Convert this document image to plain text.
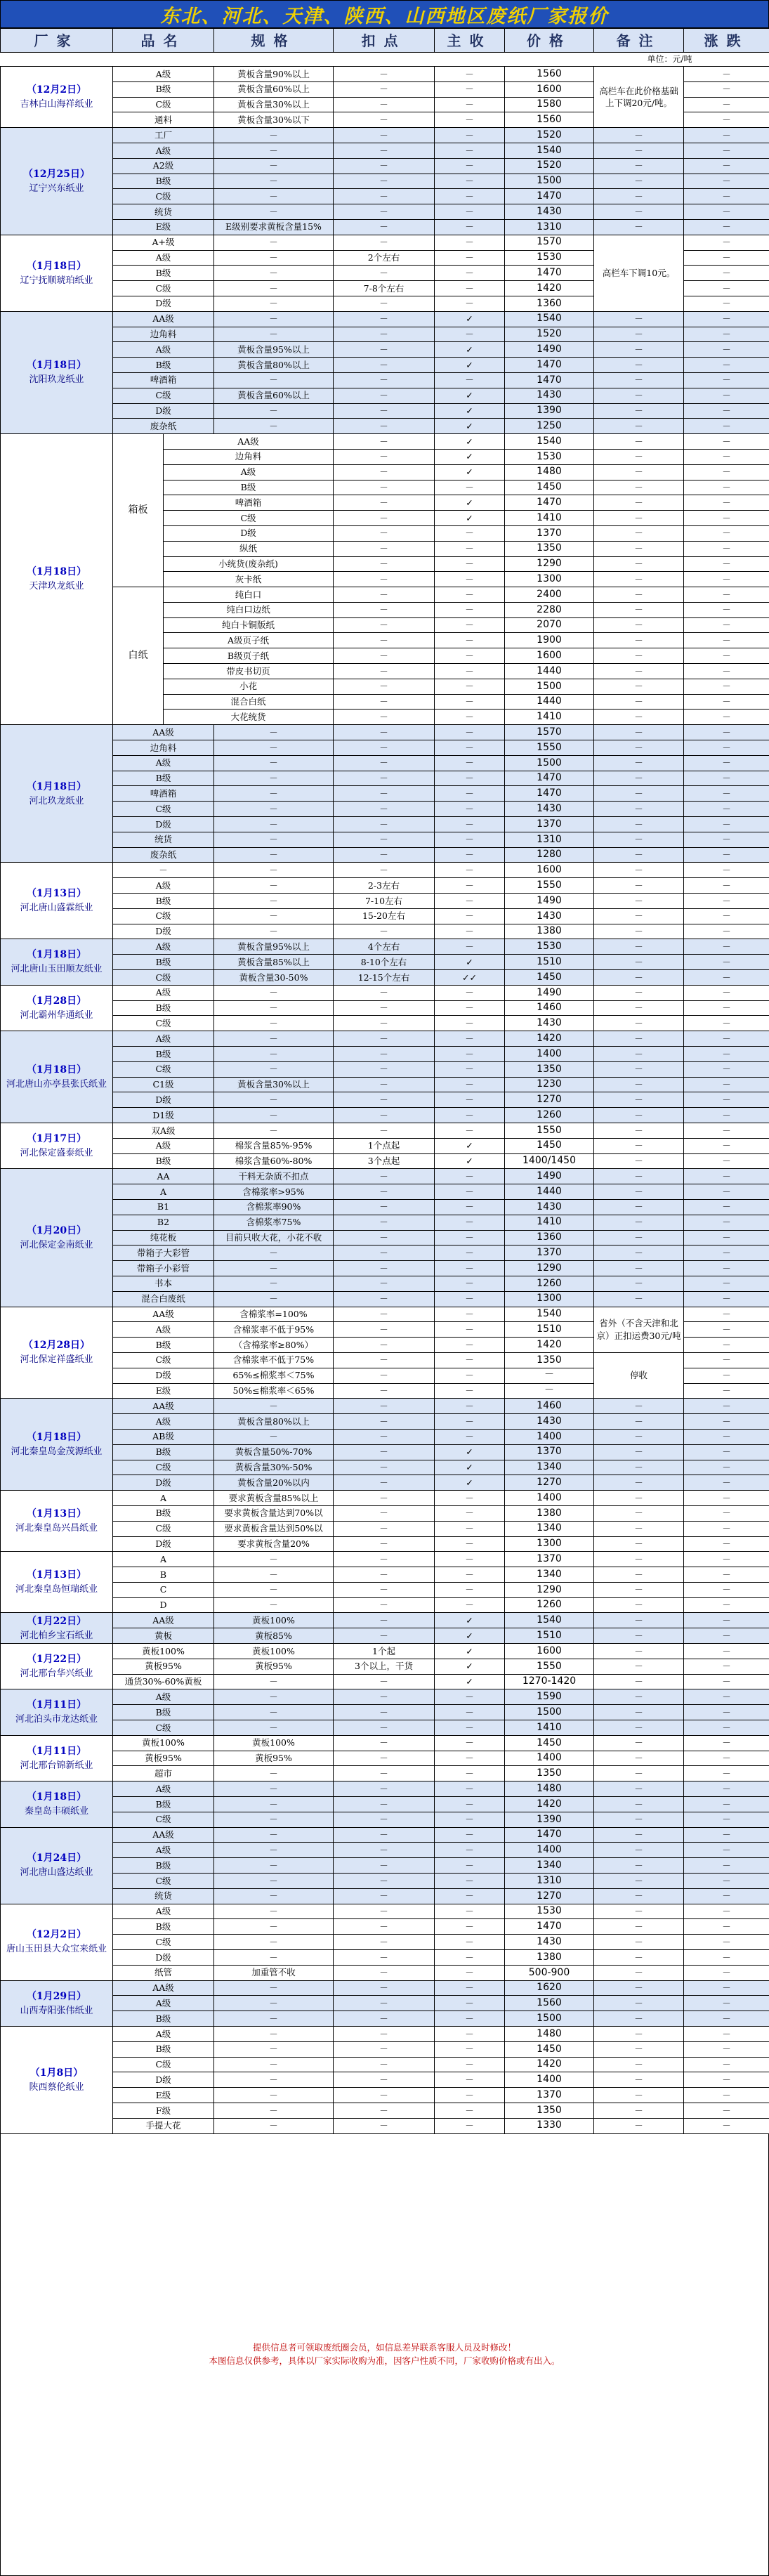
东北、河北、天津、陕西、山西地区废纸厂家报价
厂家	品名		规格	扣点	主收	价格	备注	涨跌
单位：元/吨								

（12月2日）
吉林白山海祥纸业	A级		黄板含量90%以上	－	－	1560	高栏车在此价格基础上下调20元/吨。	－
	B级		黄板含量60%以上	－	－	1600		－
	C级		黄板含量30%以上	－	－	1580		－
	通料		黄板含量30%以下	－	－	1560		－

（12月25日）
辽宁兴东纸业	工厂		－	－	－	1520	－	－
	A级		－	－	－	1540	－	－
	A2级		－	－	－	1520	－	－
	B级		－	－	－	1500	－	－
	C级		－	－	－	1470	－	－
	统货		－	－	－	1430	－	－
	E级		E级别要求黄板含量15%	－	－	1310	－	－

（1月18日）
辽宁抚顺琥珀纸业	A+级		－	－	－	1570	高栏车下调10元。	－
	A级		－	2个左右	－	1530		－
	B级		－	－	－	1470		－
	C级		－	7-8个左右	－	1420		－
	D级		－	－	－	1360		－

（1月18日）
沈阳玖龙纸业	AA级		－	－	✓	1540	－	－
	边角料		－	－	－	1520	－	－
	A级		黄板含量95%以上	－	✓	1490	－	－
	B级		黄板含量80%以上	－	✓	1470	－	－
	啤酒箱		－	－	－	1470	－	－
	C级		黄板含量60%以上	－	✓	1430	－	－
	D级		－	－	✓	1390	－	－
	废杂纸		－	－	✓	1250	－	－

（1月18日）
天津玖龙纸业	箱板	AA级		－	✓	1540	－	－
		边角料		－	✓	1530	－	－
		A级		－	✓	1480	－	－
		B级		－	－	1450	－	－
		啤酒箱		－	✓	1470	－	－
		C级		－	✓	1410	－	－
		D级		－	－	1370	－	－
		纵纸		－	－	1350	－	－
		小统货(废杂纸)		－	－	1290	－	－
		灰卡纸		－	－	1300	－	－
	白纸	纯白口		－	－	2400	－	－
		纯白口边纸		－	－	2280	－	－
		纯白卡铜版纸		－	－	2070	－	－
		A级页子纸		－	－	1900	－	－
		B级页子纸		－	－	1600	－	－
		带皮书切页		－	－	1440	－	－
		小花		－	－	1500	－	－
		混合白纸		－	－	1440	－	－
		大花统货		－	－	1410	－	－

（1月18日）
河北玖龙纸业	AA级		－	－	－	1570	－	－
	边角料		－	－	－	1550	－	－
	A级		－	－	－	1500	－	－
	B级		－	－	－	1470	－	－
	啤酒箱		－	－	－	1470	－	－
	C级		－	－	－	1430	－	－
	D级		－	－	－	1370	－	－
	统货		－	－	－	1310	－	－
	废杂纸		－	－	－	1280	－	－

（1月13日）
河北唐山盛霖纸业	－		－	－	－	1600	－	－
	A级		－	2-3左右	－	1550	－	－
	B级		－	7-10左右	－	1490	－	－
	C级		－	15-20左右	－	1430	－	－
	D级		－	－	－	1380	－	－

（1月18日）
河北唐山玉田顺友纸业	A级		黄板含量95%以上	4个左右	－	1530	－	－
	B级		黄板含量85%以上	8-10个左右	✓	1510	－	－
	C级		黄板含量30-50%	12-15个左右	✓✓	1450	－	－

（1月28日）
河北霸州华通纸业	A级		－	－	－	1490	－	－
	B级		－	－	－	1460	－	－
	C级		－	－	－	1430	－	－

（1月18日）
河北唐山亦亭县张氏纸业	A级		－	－	－	1420	－	－
	B级		－	－	－	1400	－	－
	C级		－	－	－	1350	－	－
	C1级		黄板含量30%以上	－	－	1230	－	－
	D级		－	－	－	1270	－	－
	D1级		－	－	－	1260	－	－

（1月17日）
河北保定盛泰纸业	双A级		－	－	－	1550	－	－
	A级		棉浆含量85%-95%	1个点起	✓	1450	－	－
	B级		棉浆含量60%-80%	3个点起	✓	1400/1450	－	－

（1月20日）
河北保定金南纸业	AA		干料无杂质不扣点	－	－	1490	－	－
	A		含棉浆率>95%	－	－	1440	－	－
	B1		含棉浆率90%	－	－	1430	－	－
	B2		含棉浆率75%	－	－	1410	－	－
	纯花板		目前只收大花，小花不收	－	－	1360	－	－
	带箱子大彩管		－	－	－	1370	－	－
	带箱子小彩管		－	－	－	1290	－	－
	书本		－	－	－	1260	－	－
	混合白废纸		－	－	－	1300	－	－

（12月28日）
河北保定祥盛纸业	AA级		含棉浆率=100%	－	－	1540	省外（不含天津和北京）正扣运费30元/吨	－
	A级		含棉浆率不低于95%	－	－	1510		－
	B级		（含棉浆率≥80%）	－	－	1420		－
	C级		含棉浆率不低于75%	－	－	1350	停收	－
	D级		65%≤棉浆率＜75%	－	－	－		－
	E级		50%≤棉浆率＜65%	－	－	－		－

（1月18日）
河北秦皇岛金茂源纸业	AA级		－	－	－	1460	－	－
	A级		黄板含量80%以上	－	－	1430	－	－
	AB级		－	－	－	1400	－	－
	B级		黄板含量50%-70%	－	✓	1370	－	－
	C级		黄板含量30%-50%	－	✓	1340	－	－
	D级		黄板含量20%以内	－	✓	1270	－	－

（1月13日）
河北秦皇岛兴昌纸业	A		要求黄板含量85%以上	－	－	1400	－	－
	B级		要求黄板含量达到70%以	－	－	1380	－	－
	C级		要求黄板含量达到50%以	－	－	1340	－	－
	D级		要求黄板含量20%	－	－	1300	－	－

（1月13日）
河北秦皇岛恒瑞纸业	A		－	－	－	1370	－	－
	B		－	－	－	1340	－	－
	C		－	－	－	1290	－	－
	D		－	－	－	1260	－	－

（1月22日）
河北柏乡宝石纸业	AA级		黄板100%	－	✓	1540	－	－
	黄板		黄板85%	－	✓	1510	－	－

（1月22日）
河北邢台华兴纸业	黄板100%		黄板100%	1个起	✓	1600	－	－
	黄板95%		黄板95%	3个以上，干货	✓	1550	－	－
	通货30%-60%黄板		－	－	✓	1270-1420	－	－

（1月11日）
河北泊头市龙达纸业	A级		－	－	－	1590	－	－
	B级		－	－	－	1500	－	－
	C级		－	－	－	1410	－	－

（1月11日）
河北邢台锦新纸业	黄板100%		黄板100%	－	－	1450	－	－
	黄板95%		黄板95%	－	－	1400	－	－
	超市		－	－	－	1350	－	－

（1月18日）
秦皇岛丰硕纸业	A级		－	－	－	1480	－	－
	B级		－	－	－	1420	－	－
	C级		－	－	－	1390	－	－

（1月24日）
河北唐山盛达纸业	AA级		－	－	－	1470	－	－
	A级		－	－	－	1400	－	－
	B级		－	－	－	1340	－	－
	C级		－	－	－	1310	－	－
	统货		－	－	－	1270	－	－

（12月2日）
唐山玉田县大众宝来纸业	A级		－	－	－	1530	－	－
	B级		－	－	－	1470	－	－
	C级		－	－	－	1430	－	－
	D级		－	－	－	1380	－	－
	纸管		加重管不收	－	－	500-900	－	－

（1月29日）
山西寿阳张伟纸业	AA级		－	－	－	1620	－	－
	A级		－	－	－	1560	－	－
	B级		－	－	－	1500	－	－

（1月8日）
陕西蔡伦纸业	A级		－	－	－	1480	－	－
	B级		－	－	－	1450	－	－
	C级		－	－	－	1420	－	－
	D级		－	－	－	1400	－	－
	E级		－	－	－	1370	－	－
	F级		－	－	－	1350	－	－
	手提大花		－	－	－	1330	－	－
提供信息者可领取废纸圈会员，如信息差异联系客服人员及时修改！
本图信息仅供参考，具体以厂家实际收购为准，因客户性质不同，厂家收购价格或有出入。
